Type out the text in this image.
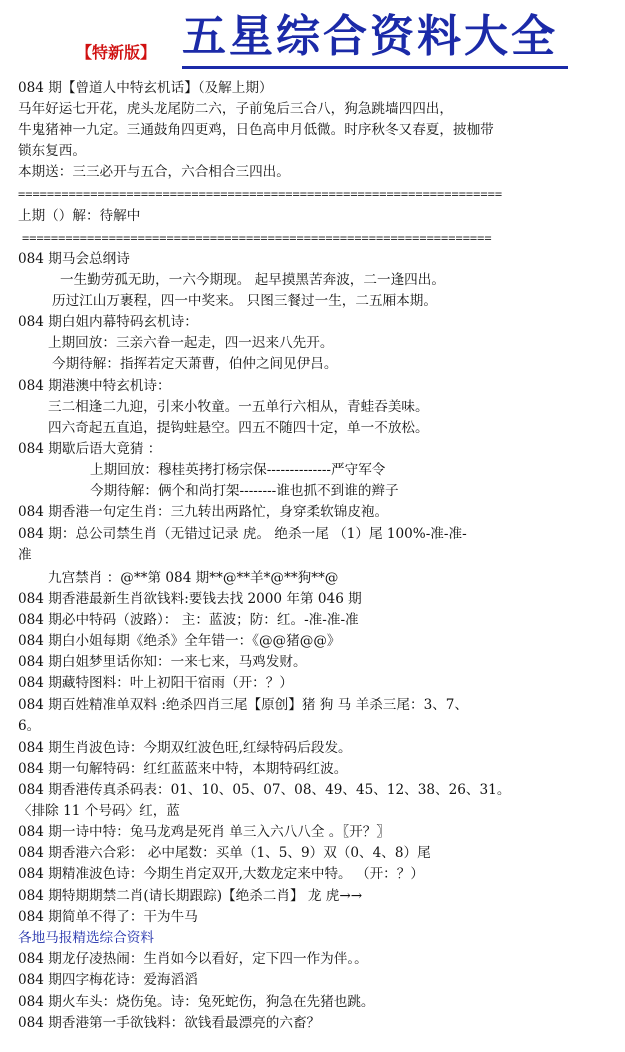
【特新版】 五星综合资料大全
084 期【曾道人中特玄机话】（及解上期）
马年好运七开花，虎头龙尾防二六，子前兔后三合八，狗急跳墙四四出，
牛鬼猪神一九定。三通鼓角四更鸡，日色高申月低微。时序秋冬又春夏，披枷带
锁东复西。
本期送：三三必开与五合，六合相合三四出。
===================================================================
上期（）解：待解中
=================================================================
084 期马会总纲诗
一生勤劳孤无助，一六今期现。 起早摸黑苦奔波，二一逢四出。
历过江山万裹程，四一中奖来。 只图三餐过一生，二五厢本期。
084 期白姐内幕特码玄机诗：
上期回放：三亲六眷一起走，四一迟来八先开。
今期待解：指挥若定天萧曹，伯仲之间见伊吕。
084 期港澳中特玄机诗：
三二相逢二九迎，引来小牧童。一五单行六相从，青蛙吞美味。
四六奇起五直追，提钩蛀悬空。四五不随四十定，单一不放松。
084 期歇后语大竟猜 ：
上期回放：穆桂英拷打杨宗保--------------严守军令
今期待解：俩个和尚打架--------谁也抓不到谁的辫子
084 期香港一句定生肖：三九转出两路忙，身穿柔软锦皮袍。
084 期：总公司禁生肖（无错过记录 虎。 绝杀一尾 （1）尾 100%-准-准-
准
九宫禁肖 ：@**第 084 期**@**羊*@**狗**@
084 期香港最新生肖欲钱料:要钱去找 2000 年第 046 期
084 期必中特码（波路）： 主：蓝波；防：红。-准-准-准
084 期白小姐每期《绝杀》全年错一：《@@猪@@》
084 期白姐梦里话你知：一来七来，马鸡发财。
084 期藏特图料：叶上初阳干宿雨（开：？）
084 期百姓精准单双料 :绝杀四肖三尾【原创】猪 狗 马 羊杀三尾：3、7、
6。
084 期生肖波色诗：今期双红波色旺,红绿特码后段发。
084 期一句解特码：红红蓝蓝来中特，本期特码红波。
084 期香港传真杀码表：01、10、05、07、08、49、45、12、38、26、31。
〈排除 11 个号码〉红，蓝
084 期一诗中特：兔马龙鸡是死肖 单三入六八八全 。〖开？〗
084 期香港六合彩： 必中尾数：买单（1、5、9）双（0、4、8）尾
084 期精准波色诗：今期生肖定双开,大数龙定来中特。 （开：？）
084 期特期期禁二肖(请长期跟踪)【绝杀二肖】 龙 虎→→
084 期简单不得了：干为牛马
各地马报精选综合资料
084 期龙仔凌热闹：生肖如今以看好，定下四一作为伴。。
084 期四字梅花诗：爱海滔滔
084 期火车头：烧伤兔。诗：兔死蛇伤，狗急在先猪也跳。
084 期香港第一手欲钱料：欲钱看最漂亮的六畜？
